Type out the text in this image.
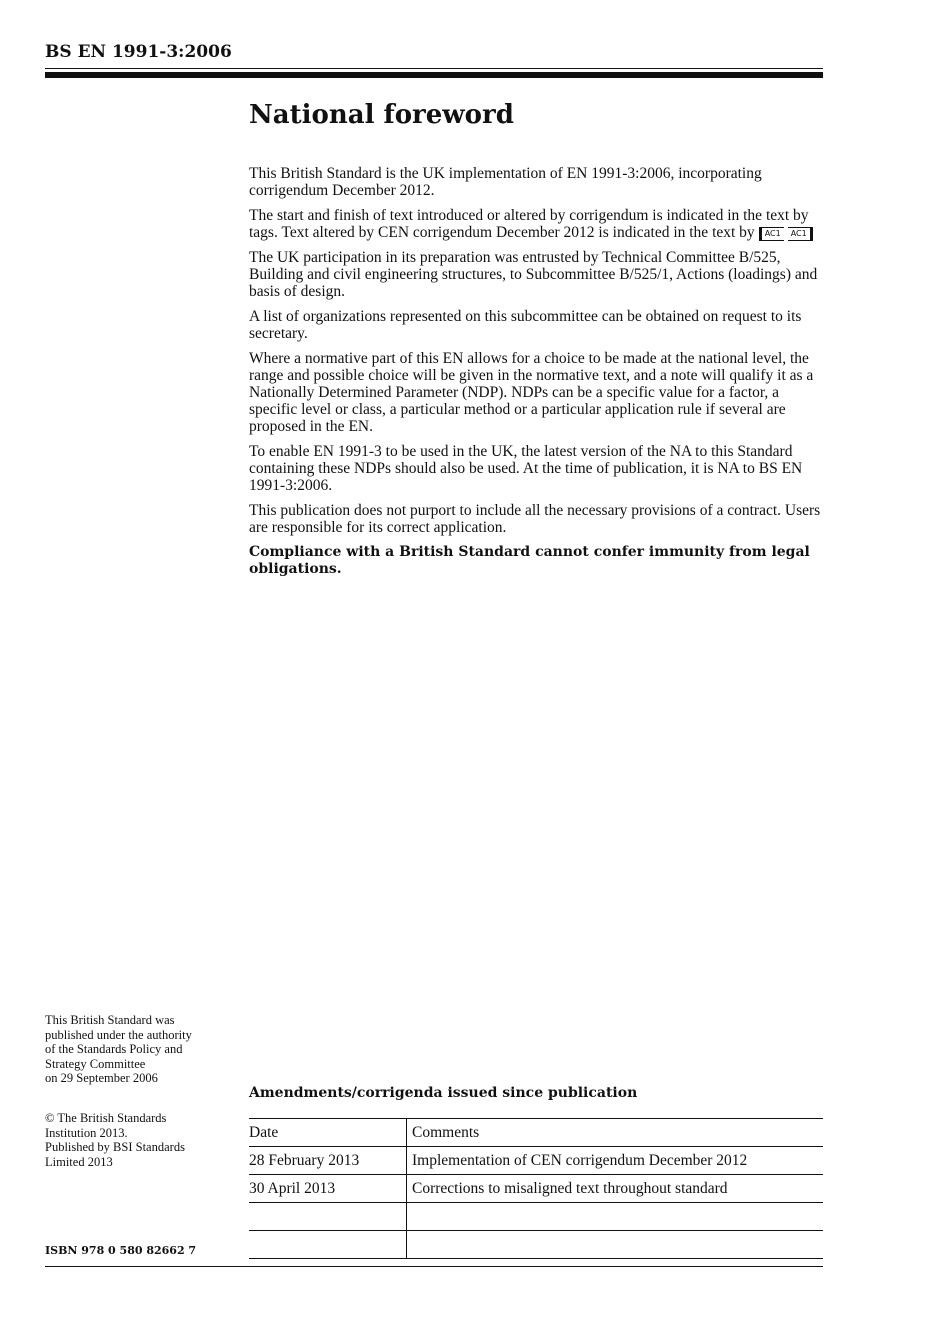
BS EN 1991-3:2006
National foreword

This British Standard is the UK implementation of EN 1991-3:2006, incorporating corrigendum December 2012.

The start and finish of text introduced or altered by corrigendum is indicated in the text by tags. Text altered by CEN corrigendum December 2012 is indicated in the text by AC1 AC1

The UK participation in its preparation was entrusted by Technical Committee B/525, Building and civil engineering structures, to Subcommittee B/525/1, Actions (loadings) and basis of design.

A list of organizations represented on this subcommittee can be obtained on request to its secretary.

Where a normative part of this EN allows for a choice to be made at the national level, the range and possible choice will be given in the normative text, and a note will qualify it as a Nationally Determined Parameter (NDP). NDPs can be a specific value for a factor, a specific level or class, a particular method or a particular application rule if several are proposed in the EN.

To enable EN 1991-3 to be used in the UK, the latest version of the NA to this Standard containing these NDPs should also be used. At the time of publication, it is NA to BS EN 1991-3:2006.

This publication does not purport to include all the necessary provisions of a contract. Users are responsible for its correct application.

Compliance with a British Standard cannot confer immunity from legal obligations.

This British Standard was
published under the authority
of the Standards Policy and
Strategy Committee
on 29 September 2006
© The British Standards
Institution 2013.
Published by BSI Standards
Limited 2013
ISBN 978 0 580 82662 7
Amendments/corrigenda issued since publication
Date	Comments
28 February 2013	Implementation of CEN corrigendum December 2012
30 April 2013	Corrections to misaligned text throughout standard
